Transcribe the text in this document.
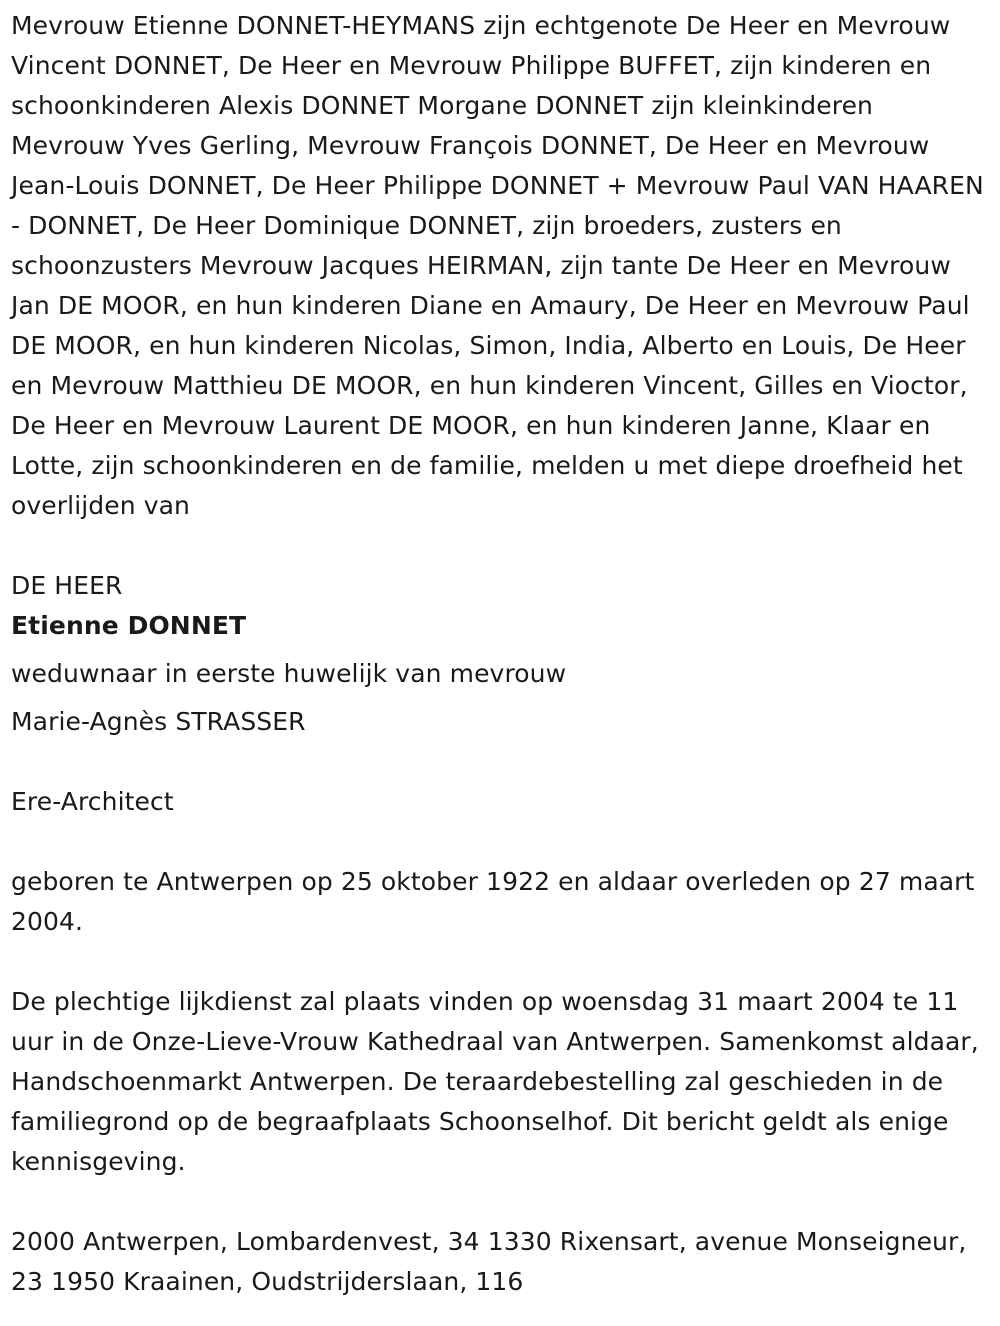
Mevrouw Etienne DONNET-HEYMANS zijn echtgenote De Heer en Mevrouw Vincent DONNET, De Heer en Mevrouw Philippe BUFFET, zijn kinderen en schoonkinderen Alexis DONNET Morgane DONNET zijn kleinkinderen Mevrouw Yves Gerling, Mevrouw François DONNET, De Heer en Mevrouw Jean-Louis DONNET, De Heer Philippe DONNET + Mevrouw Paul VAN HAAREN - DONNET, De Heer Dominique DONNET, zijn broeders, zusters en schoonzusters Mevrouw Jacques HEIRMAN, zijn tante De Heer en Mevrouw Jan DE MOOR, en hun kinderen Diane en Amaury, De Heer en Mevrouw Paul DE MOOR, en hun kinderen Nicolas, Simon, India, Alberto en Louis, De Heer en Mevrouw Matthieu DE MOOR, en hun kinderen Vincent, Gilles en Vioctor, De Heer en Mevrouw Laurent DE MOOR, en hun kinderen Janne, Klaar en Lotte, zijn schoonkinderen en de familie, melden u met diepe droefheid het overlijden van

DE HEER

Etienne DONNET

weduwnaar in eerste huwelijk van mevrouw

Marie-Agnès STRASSER

Ere-Architect

geboren te Antwerpen op 25 oktober 1922 en aldaar overleden op 27 maart 2004.

De plechtige lijkdienst zal plaats vinden op woensdag 31 maart 2004 te 11 uur in de Onze-Lieve-Vrouw Kathedraal van Antwerpen. Samenkomst aldaar, Handschoenmarkt Antwerpen. De teraardebestelling zal geschieden in de familiegrond op de begraafplaats Schoonselhof. Dit bericht geldt als enige kennisgeving.

2000 Antwerpen, Lombardenvest, 34 1330 Rixensart, avenue Monseigneur, 23 1950 Kraainen, Oudstrijderslaan, 116
